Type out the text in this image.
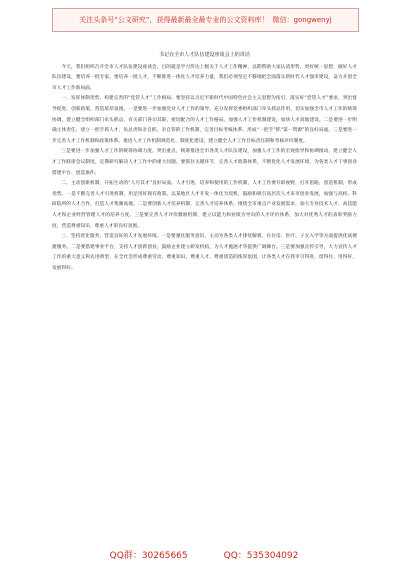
关注头条号“公文研究”，获得最新最全最专业的公文资料库！ 微信：gongwenyj

书记在全市人才队伍建设座谈会上的讲话

今天，我们组织召开全市人才队伍建设座谈会，目的就是学习传达上级关于人才工作精神，以期帮助大家认清形势，更好统一思想，做好人才队伍建设，要培养一批专家，要培养一批人才，不断推进一体化人才培养力量，我们必须坚定不移地把全面落实新时代人才强市建设，奋力开创全市人才工作新局面。

一、发挥体制优势，构建完善的“党管人才”工作格局。要坚持以习近平新时代中国特色社会主义思想为指引，落实好“党管人才”要求，突出督导促进，创新政策，营造浓厚氛围。一是要进一步加强党对人才工作的领导。充分发挥党委组织部门牵头抓总作用，切实加强全市人才工作的统筹协调，建立健全组织部门牵头抓总、有关部门各司其职、密切配合的人才工作格局。加强人才工作机制建设，加快人才高地建设。二是要进一步明确主体责任，建立一把手抓人才、负总责和亲自抓、亲自管的工作机制，完善目标考核体系，形成“一把手”抓“第一资源”的良好局面。三是要进一步完善人才工作机制和政策体系。推进人才工作机制规范化、制度化建设，建立健全人才工作目标责任制和考核评价制度。

三是要进一步加强人才工作的统筹协调力度，突出重点，统筹推进全市各类人才队伍建设，加强人才工作的宏观指导和协调推动，建立健全人才工作联席会议制度，定期研究解决人才工作中的重大问题。要抓住关键环节，完善人才政策体系，不断优化人才发展环境，为各类人才干事创业搭建平台、创造条件。

二、主动创新机制，开拓生动的“人尽其才”良好局面。人才引进、培养和使用的工作机制，人才工作要开辟视野，打开思路，创造机制，形成优势。一是不断完善人才引进机制，用足用好现有政策。以某地区人才开发一体化为契机，鼓励和吸引高层次人才来市创业发展，加强与高校、科研院所的人才合作，打造人才集聚高地。二是要创新人才培养机制，完善人才培养体系，围绕全市重点产业发展需求，加大专业技术人才、高技能人才和企业经营管理人才的培养力度。三是要完善人才评价激励机制，建立以能力和业绩为导向的人才评价体系，加大对优秀人才的表彰奖励力度，营造尊重知识、尊重人才的良好氛围。

三、坚持优化服务，营造良好的人才发展环境。一是要强化服务意识，主动为各类人才排忧解难，在住房、医疗、子女入学等方面提供优质便捷服务。二是要搭建事业平台，支持人才创新创业，鼓励企业建立研发机构，为人才施展才华提供广阔舞台。三是要加强宣传引导，大力宣传人才工作的重大意义和先进典型，在全社会形成尊重劳动、尊重知识、尊重人才、尊重创造的浓厚氛围，让各类人才在我市引得进、留得住、用得好、发展得好。

QQ群：30265665	QQ：535304092
